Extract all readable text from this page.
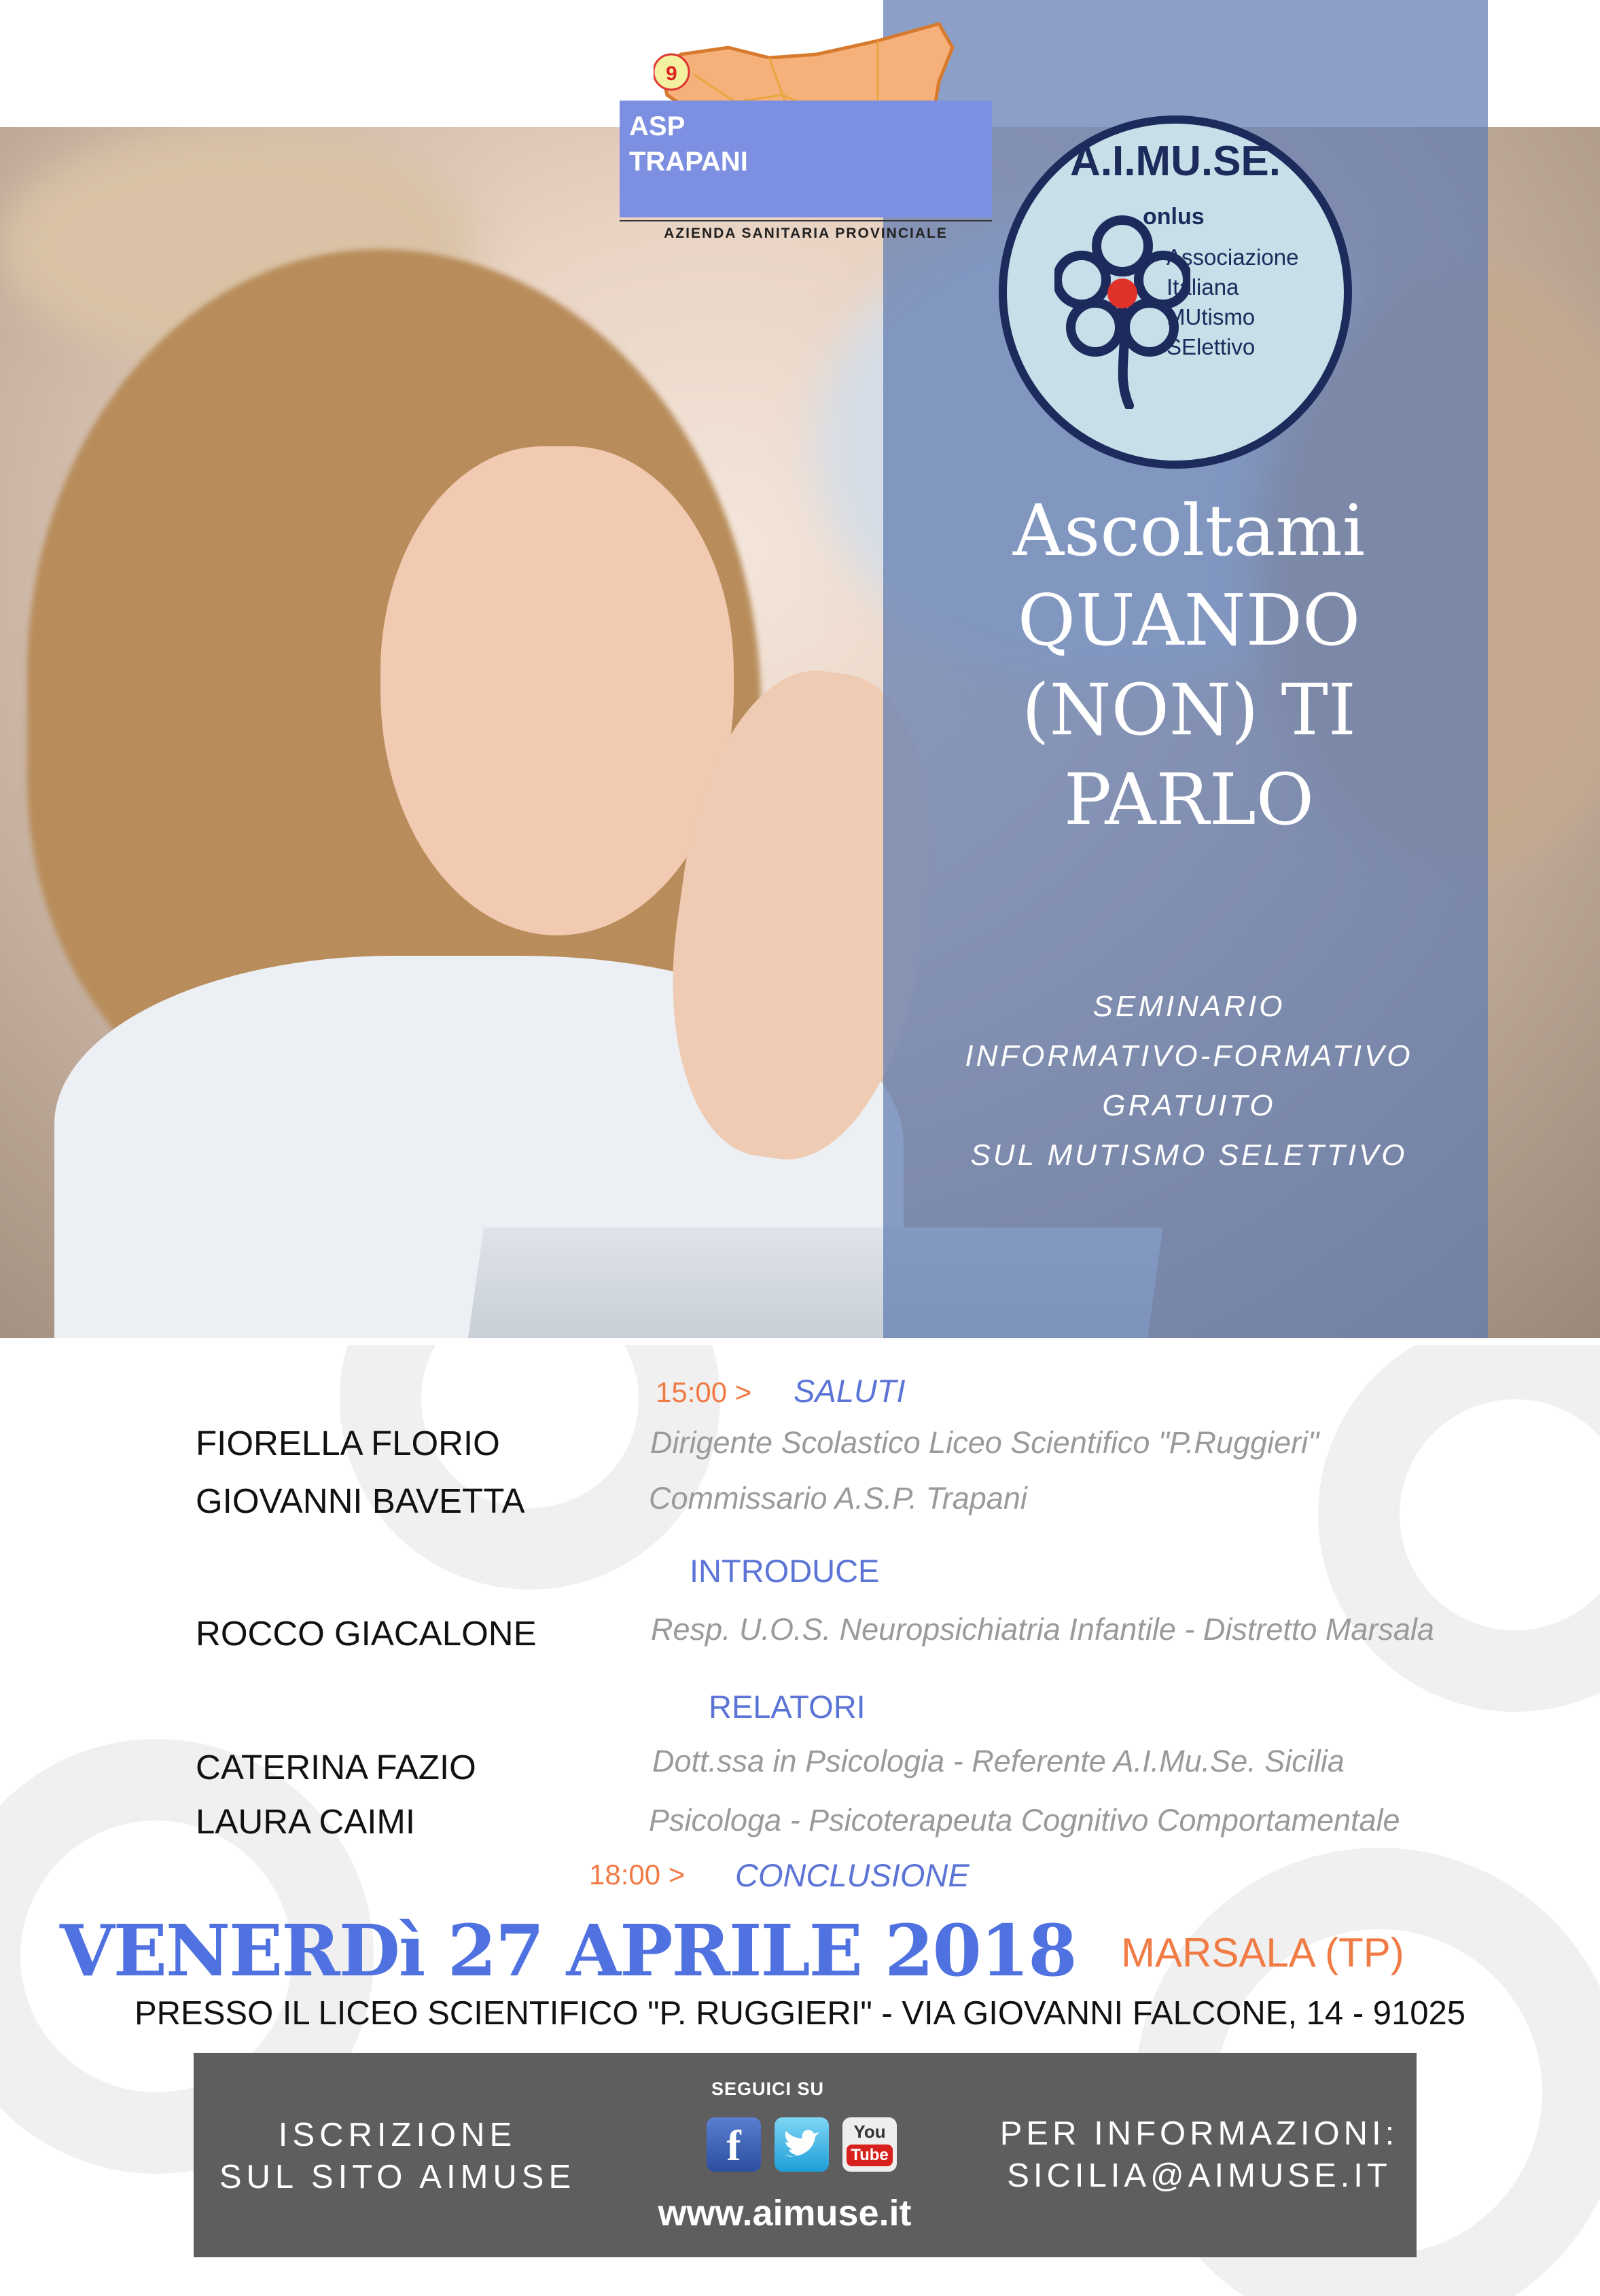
9
ASP
TRAPANI
AZIENDA SANITARIA PROVINCIALE
A.I.MU.SE.
onlus
Associazione
Italiana
MUtismo
SElettivo
Ascoltami
QUANDO
(NON) TI
PARLO
SEMINARIO
INFORMATIVO-FORMATIVO
GRATUITO
SUL MUTISMO SELETTIVO
15:00 > SALUTI
FIORELLA FLORIO	Dirigente Scolastico Liceo Scientifico "P.Ruggieri"
GIOVANNI BAVETTA	Commissario A.S.P. Trapani
INTRODUCE
ROCCO GIACALONE	Resp. U.O.S. Neuropsichiatria Infantile - Distretto Marsala
RELATORI
CATERINA FAZIO	Dott.ssa in Psicologia - Referente A.I.Mu.Se. Sicilia
LAURA CAIMI	Psicologa - Psicoterapeuta Cognitivo Comportamentale
18:00 > CONCLUSIONE
VENERDì 27 APRILE 2018 MARSALA (TP)
PRESSO IL LICEO SCIENTIFICO "P. RUGGIERI" - VIA GIOVANNI FALCONE, 14 - 91025
ISCRIZIONE
SUL SITO AIMUSE
SEGUICI SU
f	You
Tube
www.aimuse.it
PER INFORMAZIONI:
SICILIA@AIMUSE.IT
